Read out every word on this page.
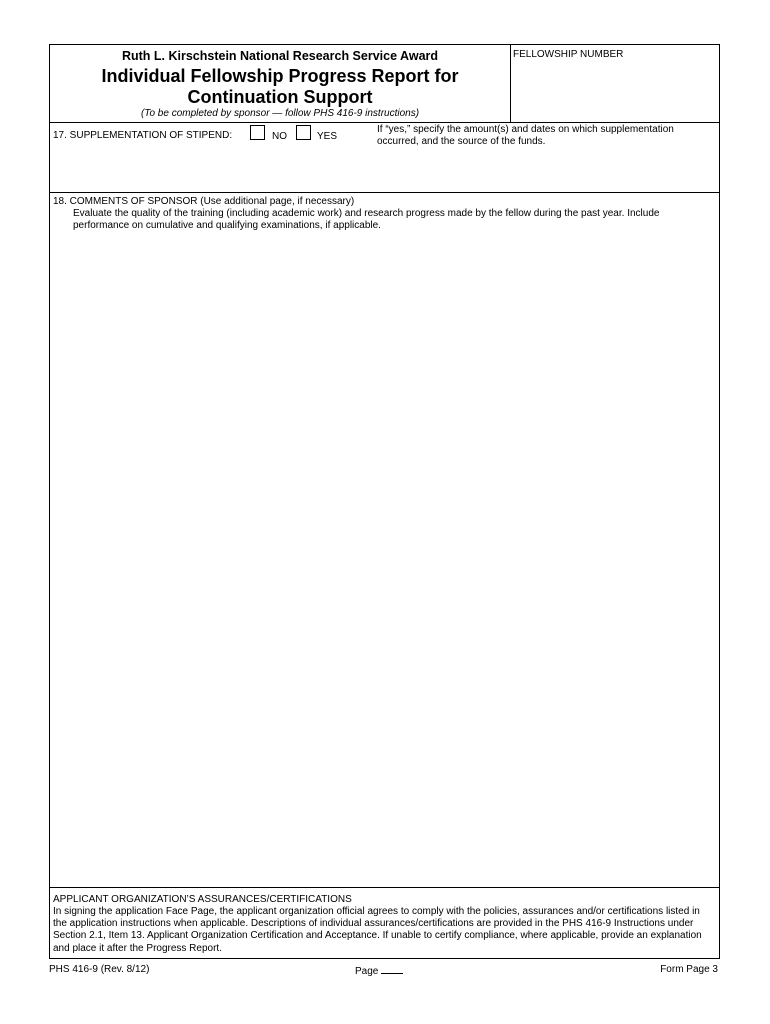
Ruth L. Kirschstein National Research Service Award
Individual Fellowship Progress Report for
Continuation Support
(To be completed by sponsor — follow PHS 416-9 instructions)
FELLOWSHIP NUMBER
17. SUPPLEMENTATION OF STIPEND:	NO	YES
If “yes,” specify the amount(s) and dates on which supplementation occurred, and the source of the funds.
18. COMMENTS OF SPONSOR (Use additional page, if necessary)
Evaluate the quality of the training (including academic work) and research progress made by the fellow during the past year. Include performance on cumulative and qualifying examinations, if applicable.
APPLICANT ORGANIZATION’S ASSURANCES/CERTIFICATIONS
In signing the application Face Page, the applicant organization official agrees to comply with the policies, assurances and/or certifications listed in the application instructions when applicable. Descriptions of individual assurances/certifications are provided in the PHS 416-9 Instructions under Section 2.1, Item 13. Applicant Organization Certification and Acceptance. If unable to certify compliance, where applicable, provide an explanation and place it after the Progress Report.
PHS 416-9 (Rev. 8/12)	Page	Form Page 3
